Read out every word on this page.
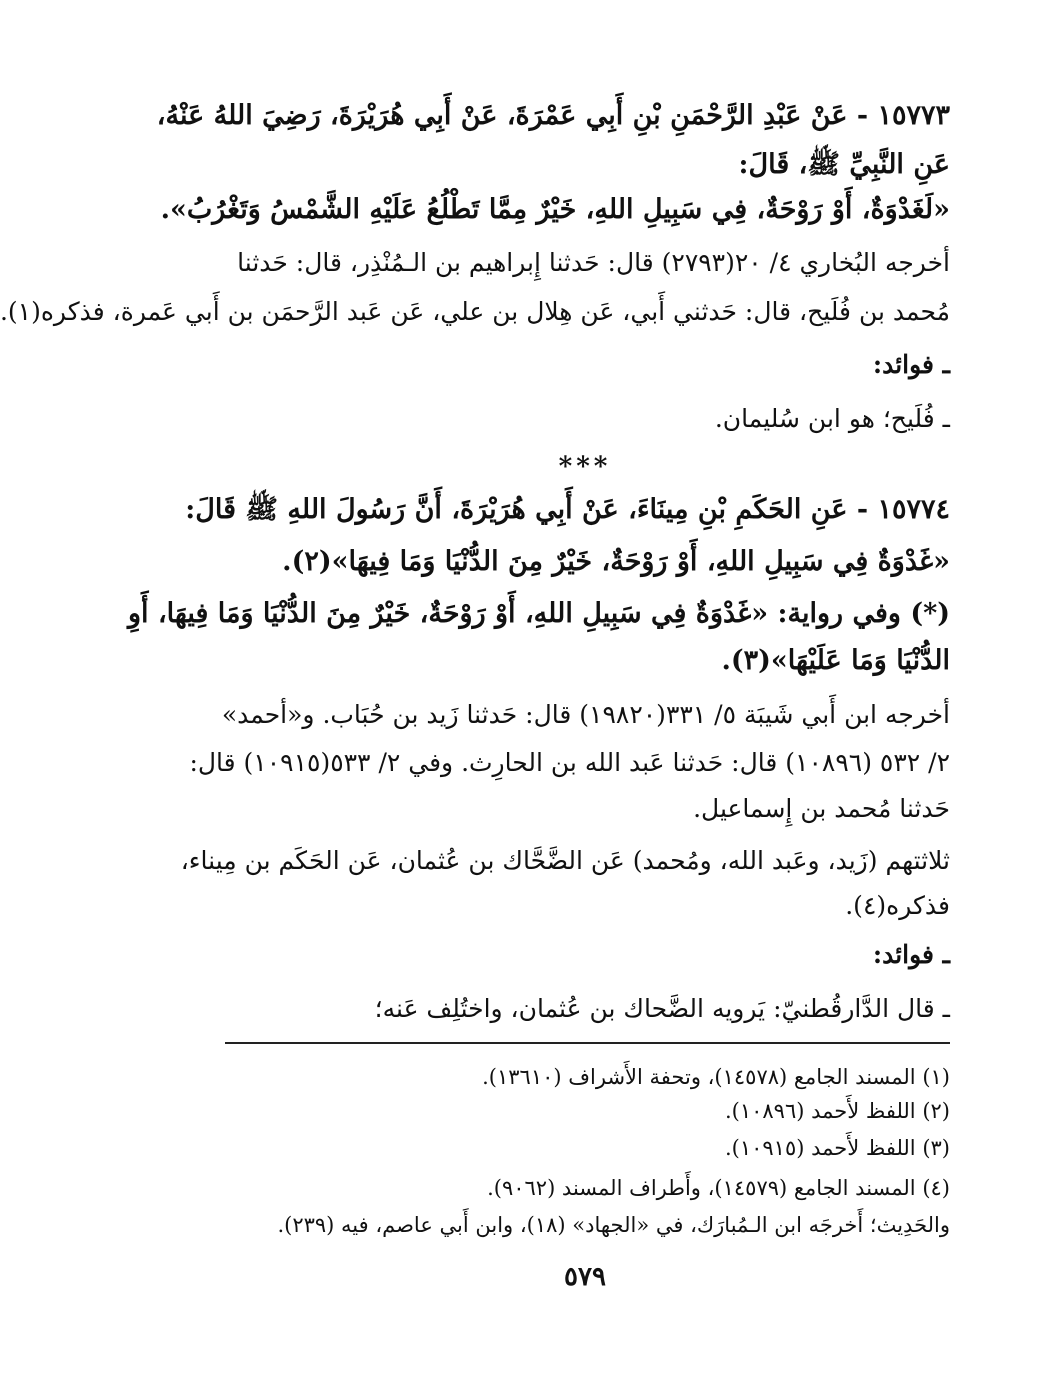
١٥٧٧٣ - عَنْ عَبْدِ الرَّحْمَنِ بْنِ أَبِي عَمْرَةَ، عَنْ أَبِي هُرَيْرَةَ، رَضِيَ اللهُ عَنْهُ،
عَنِ النَّبِيِّ ﷺ، قَالَ:
«لَغَدْوَةٌ، أَوْ رَوْحَةٌ، فِي سَبِيلِ اللهِ، خَيْرٌ مِمَّا تَطْلُعُ عَلَيْهِ الشَّمْسُ وَتَغْرُبُ».
أخرجه البُخاري ٤/ ٢٠(٢٧٩٣) قال: حَدثنا إِبراهيم بن الـمُنْذِر، قال: حَدثنا
مُحمد بن فُلَيح، قال: حَدثني أَبي، عَن هِلال بن علي، عَن عَبد الرَّحمَن بن أَبي عَمرة، فذكره(١).
ـ فوائد:
ـ فُلَيح؛ هو ابن سُليمان.
***
١٥٧٧٤ - عَنِ الحَكَمِ بْنِ مِينَاءَ، عَنْ أَبِي هُرَيْرَةَ، أَنَّ رَسُولَ اللهِ ﷺ قَالَ:
«غَدْوَةٌ فِي سَبِيلِ اللهِ، أَوْ رَوْحَةٌ، خَيْرٌ مِنَ الدُّنْيَا وَمَا فِيهَا»(٢).
(*) وفي رواية: «غَدْوَةٌ فِي سَبِيلِ اللهِ، أَوْ رَوْحَةٌ، خَيْرٌ مِنَ الدُّنْيَا وَمَا فِيهَا، أَوِ
الدُّنْيَا وَمَا عَلَيْهَا»(٣).
أخرجه ابن أَبي شَيبَة ٥/ ٣٣١(١٩٨٢٠) قال: حَدثنا زَيد بن حُبَاب. و«أحمد»
٢/ ٥٣٢ (١٠٨٩٦) قال: حَدثنا عَبد الله بن الحارِث. وفي ٢/ ٥٣٣(١٠٩١٥) قال:
حَدثنا مُحمد بن إِسماعيل.
ثلاثتهم (زَيد، وعَبد الله، ومُحمد) عَن الضَّحَّاك بن عُثمان، عَن الحَكَم بن مِيناء،
فذكره(٤).
ـ فوائد:
ـ قال الدَّارقُطنيّ: يَرويه الضَّحاك بن عُثمان، واختُلِف عَنه؛
(١) المسند الجامع (١٤٥٧٨)، وتحفة الأَشراف (١٣٦١٠).
(٢) اللفظ لأَحمد (١٠٨٩٦).
(٣) اللفظ لأَحمد (١٠٩١٥).
(٤) المسند الجامع (١٤٥٧٩)، وأَطراف المسند (٩٠٦٢).
والحَدِيث؛ أَخرجَه ابن الـمُبارَك، في «الجهاد» (١٨)، وابن أَبي عاصم، فيه (٢٣٩).
٥٧٩
